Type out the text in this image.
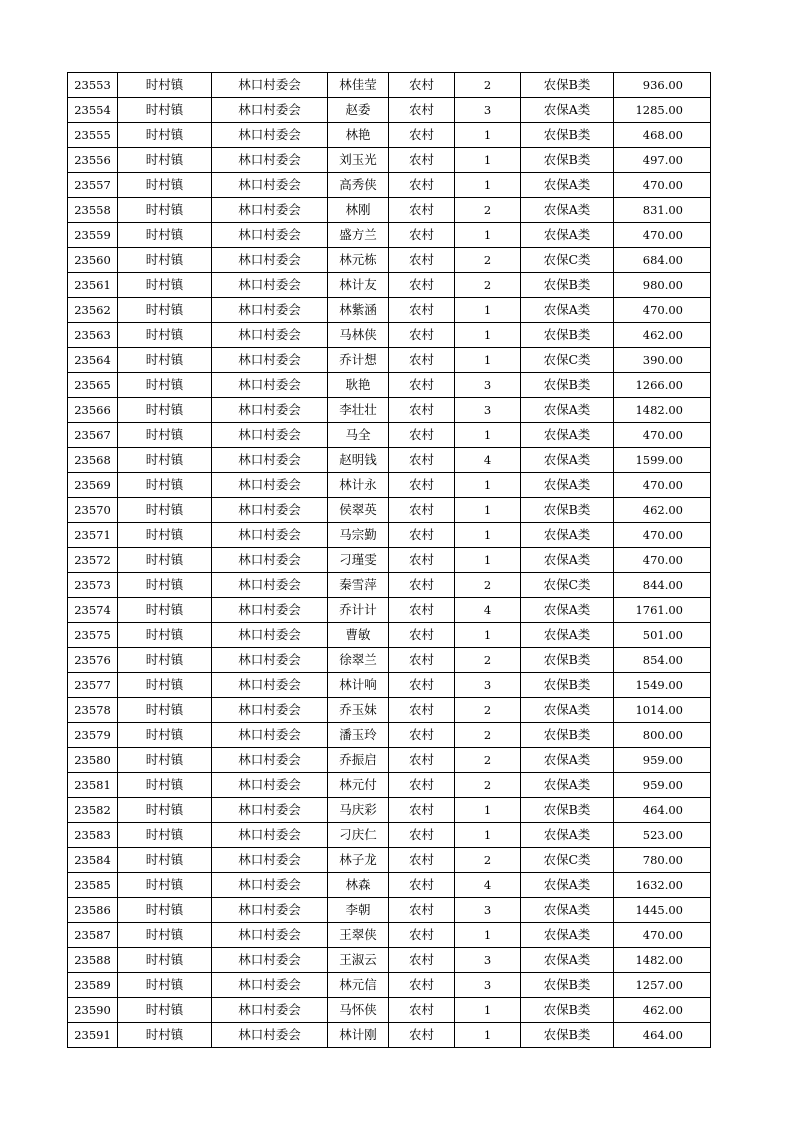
23553	时村镇	林口村委会	林佳莹	农村	2	农保B类	936.00
23554	时村镇	林口村委会	赵委	农村	3	农保A类	1285.00
23555	时村镇	林口村委会	林艳	农村	1	农保B类	468.00
23556	时村镇	林口村委会	刘玉光	农村	1	农保B类	497.00
23557	时村镇	林口村委会	高秀侠	农村	1	农保A类	470.00
23558	时村镇	林口村委会	林刚	农村	2	农保A类	831.00
23559	时村镇	林口村委会	盛方兰	农村	1	农保A类	470.00
23560	时村镇	林口村委会	林元栋	农村	2	农保C类	684.00
23561	时村镇	林口村委会	林计友	农村	2	农保B类	980.00
23562	时村镇	林口村委会	林紫涵	农村	1	农保A类	470.00
23563	时村镇	林口村委会	马林侠	农村	1	农保B类	462.00
23564	时村镇	林口村委会	乔计想	农村	1	农保C类	390.00
23565	时村镇	林口村委会	耿艳	农村	3	农保B类	1266.00
23566	时村镇	林口村委会	李壮壮	农村	3	农保A类	1482.00
23567	时村镇	林口村委会	马全	农村	1	农保A类	470.00
23568	时村镇	林口村委会	赵明钱	农村	4	农保A类	1599.00
23569	时村镇	林口村委会	林计永	农村	1	农保A类	470.00
23570	时村镇	林口村委会	侯翠英	农村	1	农保B类	462.00
23571	时村镇	林口村委会	马宗勤	农村	1	农保A类	470.00
23572	时村镇	林口村委会	刁瑾雯	农村	1	农保A类	470.00
23573	时村镇	林口村委会	秦雪萍	农村	2	农保C类	844.00
23574	时村镇	林口村委会	乔计计	农村	4	农保A类	1761.00
23575	时村镇	林口村委会	曹敏	农村	1	农保A类	501.00
23576	时村镇	林口村委会	徐翠兰	农村	2	农保B类	854.00
23577	时村镇	林口村委会	林计响	农村	3	农保B类	1549.00
23578	时村镇	林口村委会	乔玉妹	农村	2	农保A类	1014.00
23579	时村镇	林口村委会	潘玉玲	农村	2	农保B类	800.00
23580	时村镇	林口村委会	乔振启	农村	2	农保A类	959.00
23581	时村镇	林口村委会	林元付	农村	2	农保A类	959.00
23582	时村镇	林口村委会	马庆彩	农村	1	农保B类	464.00
23583	时村镇	林口村委会	刁庆仁	农村	1	农保A类	523.00
23584	时村镇	林口村委会	林子龙	农村	2	农保C类	780.00
23585	时村镇	林口村委会	林森	农村	4	农保A类	1632.00
23586	时村镇	林口村委会	李朝	农村	3	农保A类	1445.00
23587	时村镇	林口村委会	王翠侠	农村	1	农保A类	470.00
23588	时村镇	林口村委会	王淑云	农村	3	农保A类	1482.00
23589	时村镇	林口村委会	林元信	农村	3	农保B类	1257.00
23590	时村镇	林口村委会	马怀侠	农村	1	农保B类	462.00
23591	时村镇	林口村委会	林计刚	农村	1	农保B类	464.00
